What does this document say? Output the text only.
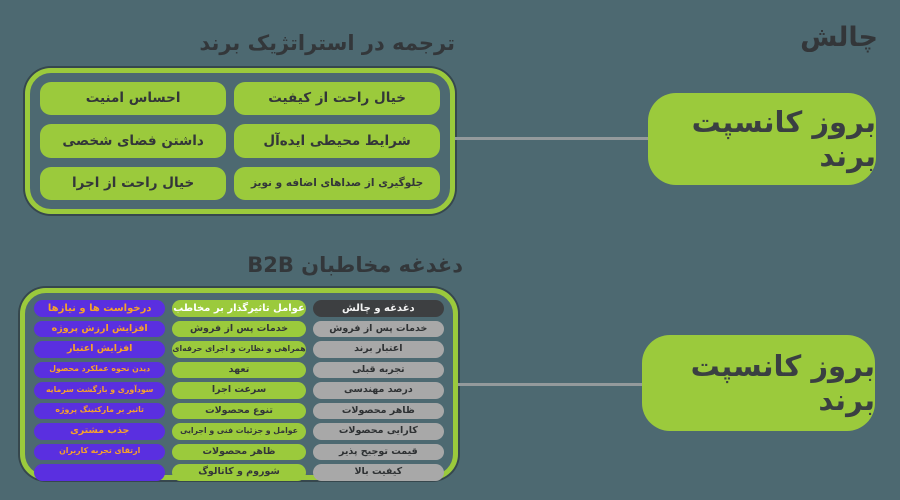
چالش
ترجمه در استراتژیک برند
خیال راحت از کیفیت
احساس امنیت
شرایط محیطی ایده‌آل
داشتن فضای شخصی
جلوگیری از صداهای اضافه و نویز
خیال راحت از اجرا
بروز کانسپت برند
دغدغه مخاطبان B2B
دغدغه و چالش
خدمات پس از فروش
اعتبار برند
تجربه قبلی
درصد مهندسی
ظاهر محصولات
کارایی محصولات
قیمت توجیح پذیر
کیفیت بالا
عوامل تاثیرگذار بر مخاطب
خدمات پس از فروش
همراهی و نظارت و اجرای حرفه‌ای
تعهد
سرعت اجرا
تنوع محصولات
عوامل و جزئیات فنی و اجرایی
ظاهر محصولات
شوروم و کاتالوگ
درخواست ها و نیازها
افزایش ارزش پروژه
افزایش اعتبار
دیدن نحوه عملکرد محصول
سودآوری و بازگشت سرمایه
تاثیر بر مارکتینگ پروژه
جذب مشتری
ارتقای تجربه کاربران
بروز کانسپت برند
